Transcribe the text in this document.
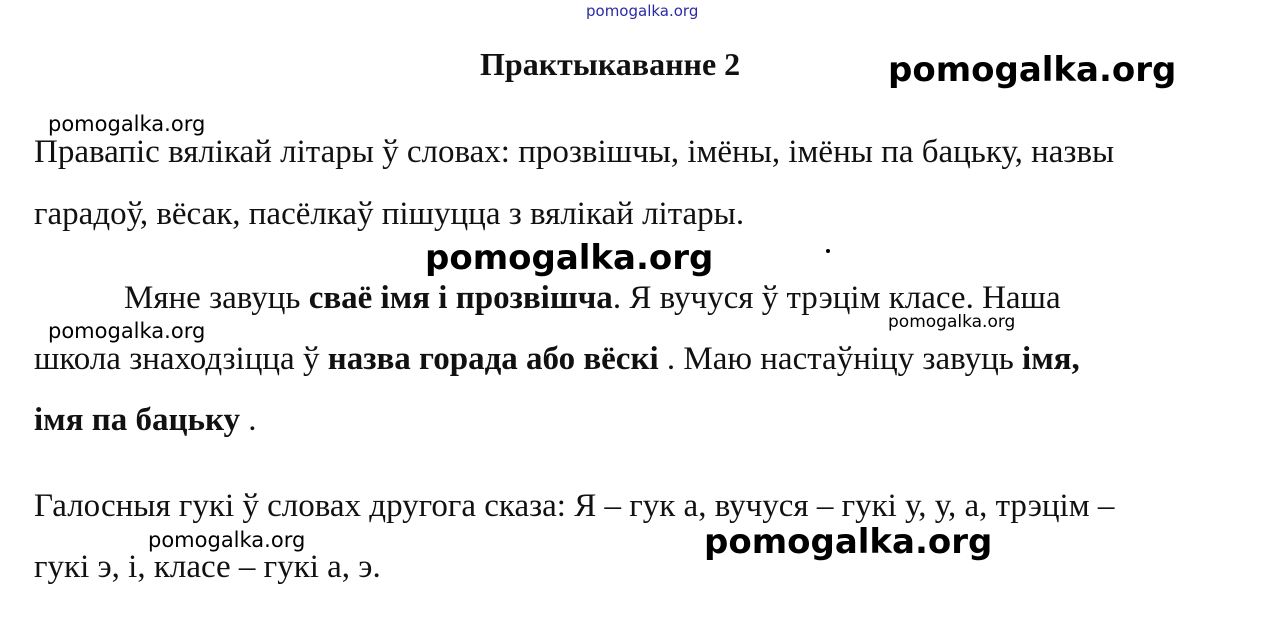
pomogalka.org
pomogalka.org
pomogalka.org
pomogalka.org
pomogalka.org	pomogalka.org
pomogalka.org	pomogalka.org
Практыкаванне 2

Правапіс вялікай літары ў словах: прозвішчы, імёны, імёны па бацьку, назвы

гарадоў, вёсак, пасёлкаў пішуцца з вялікай літары.

Мяне завуць сваё імя і прозвішча. Я вучуся ў трэцім класе. Наша

школа знаходзіцца ў назва горада або вёскі . Маю настаўніцу завуць імя,

імя па бацьку .

Галосныя гукі ў словах другога сказа: Я – гук а, вучуся – гукі у, у, а, трэцім –

гукі э, і, класе – гукі а, э.
